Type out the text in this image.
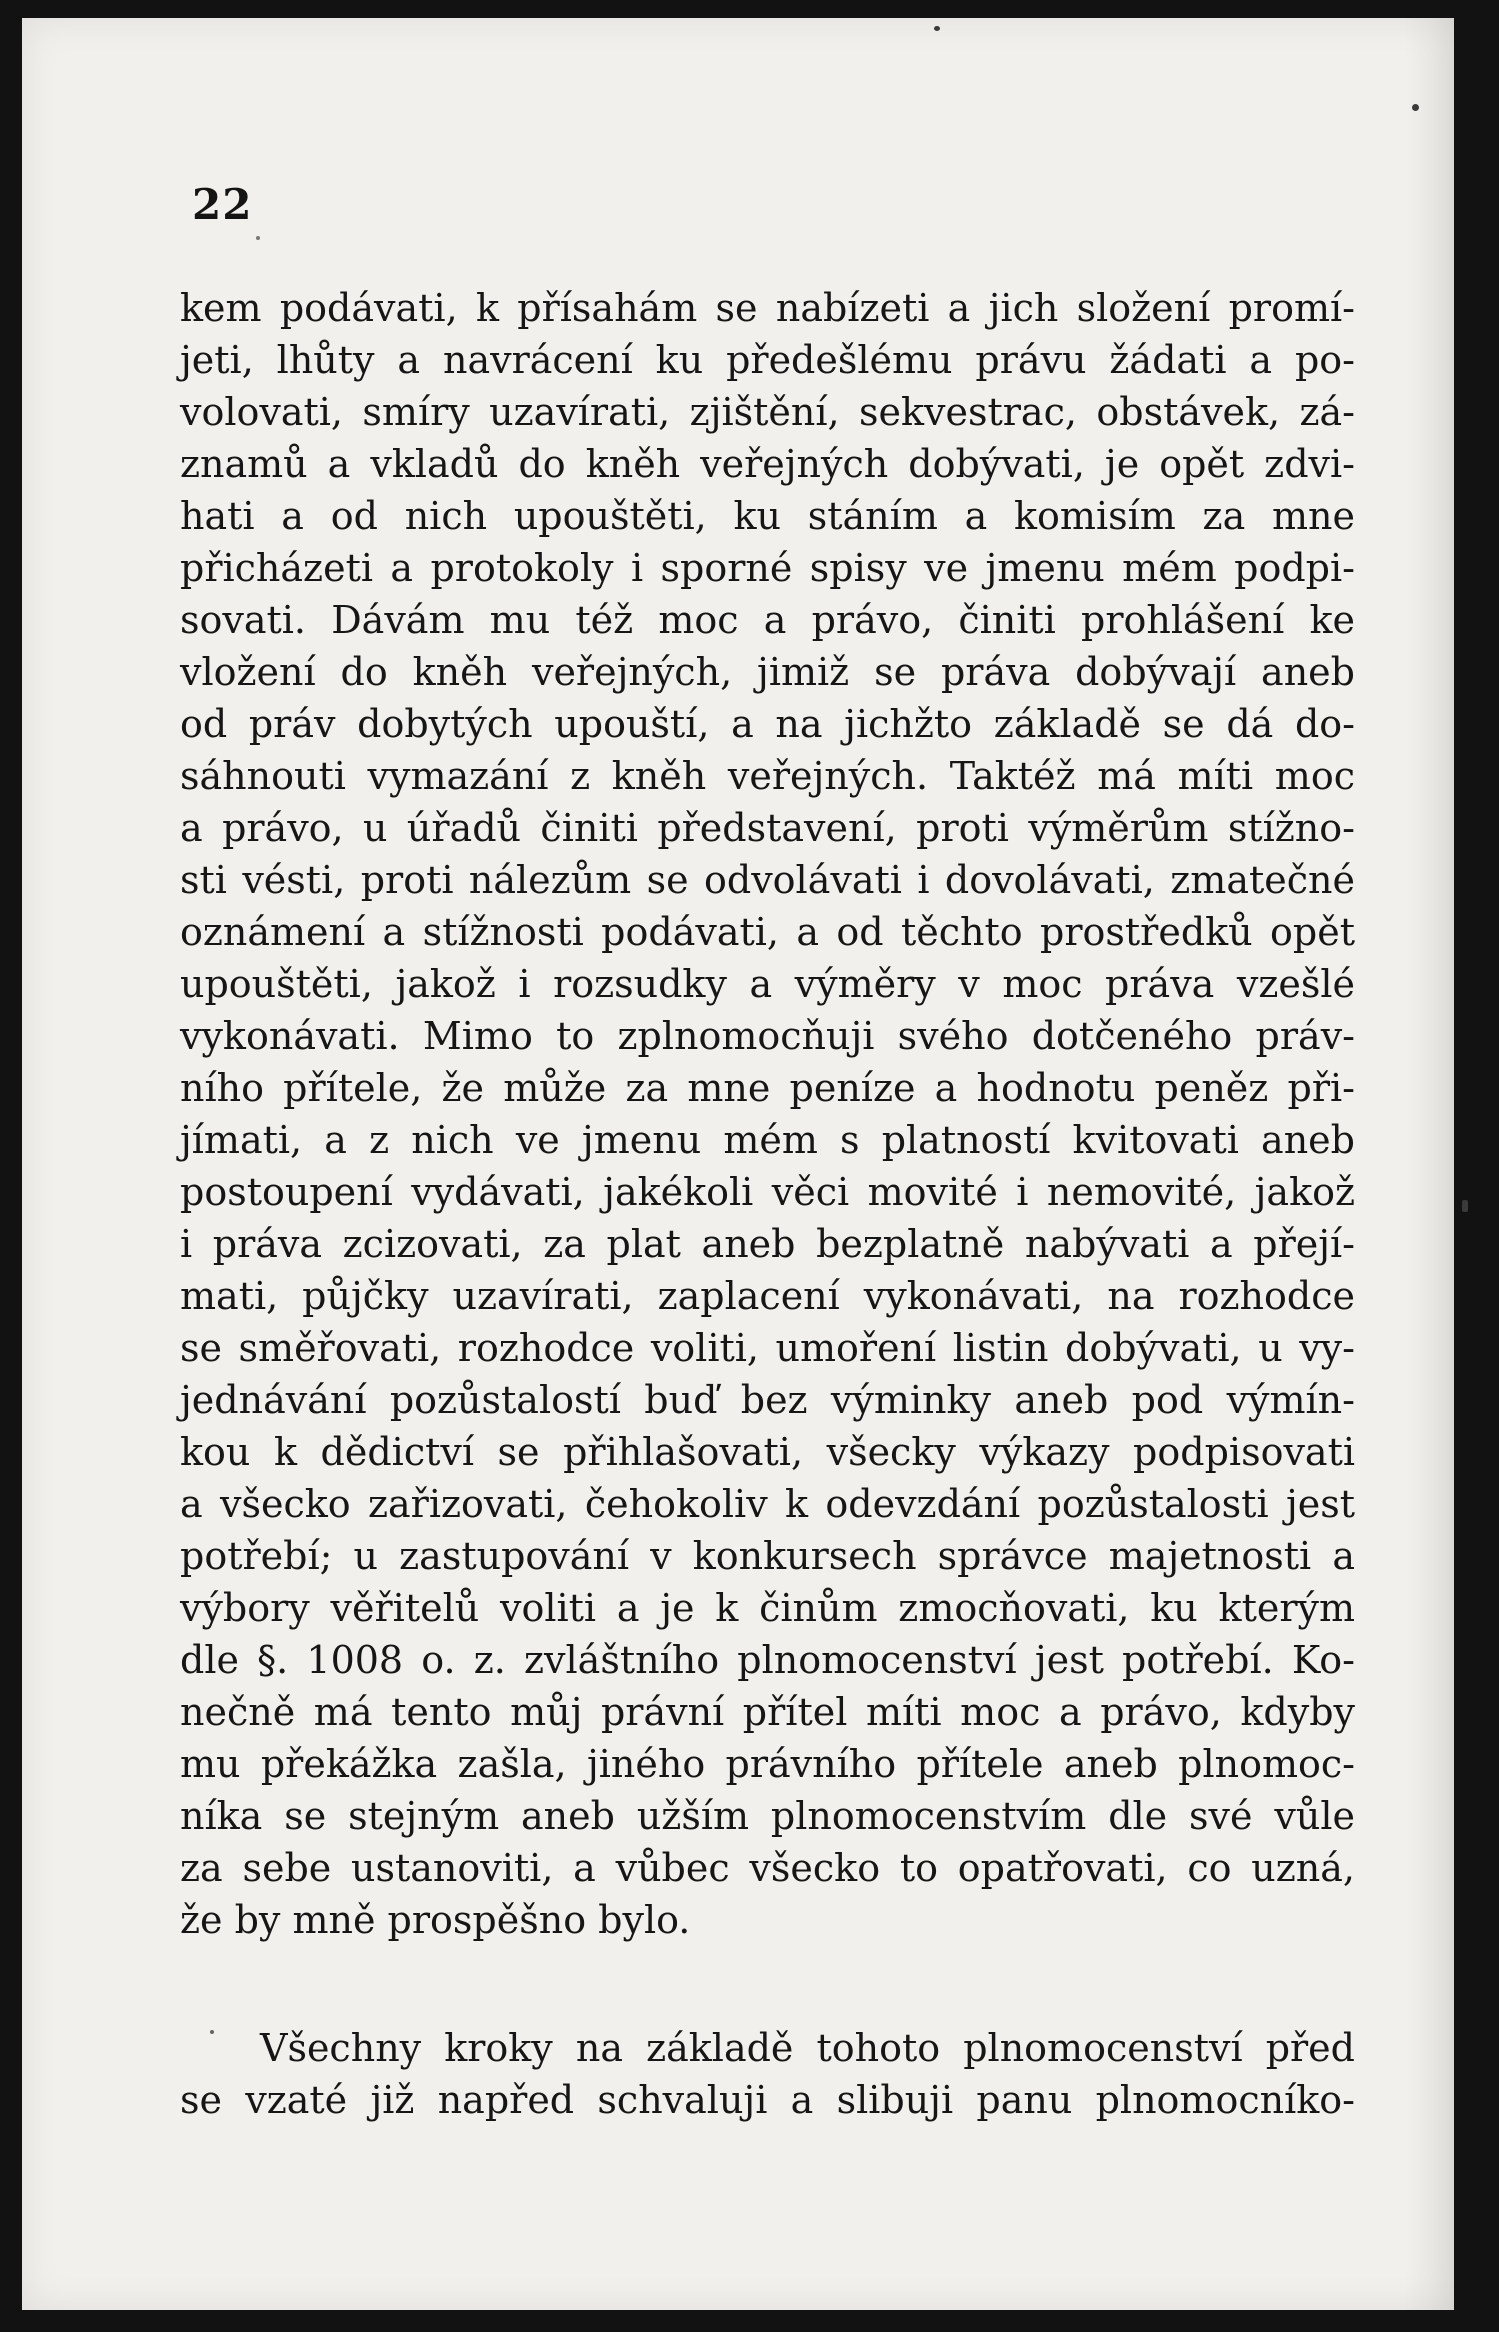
22
kem podávati, k přísahám se nabízeti a jich složení promí-
jeti, lhůty a navrácení ku předešlému právu žádati a po-
volovati, smíry uzavírati, zjištění, sekvestrac, obstávek, zá-
znamů a vkladů do kněh veřejných dobývati, je opět zdvi-
hati a od nich upouštěti, ku stáním a komisím za mne
přicházeti a protokoly i sporné spisy ve jmenu mém podpi-
sovati. Dávám mu též moc a právo, činiti prohlášení ke
vložení do kněh veřejných, jimiž se práva dobývají aneb
od práv dobytých upouští, a na jichžto základě se dá do-
sáhnouti vymazání z kněh veřejných. Taktéž má míti moc
a právo, u úřadů činiti představení, proti výměrům stížno-
sti vésti, proti nálezům se odvolávati i dovolávati, zmatečné
oznámení a stížnosti podávati, a od těchto prostředků opět
upouštěti, jakož i rozsudky a výměry v moc práva vzešlé
vykonávati. Mimo to zplnomocňuji svého dotčeného práv-
ního přítele, že může za mne peníze a hodnotu peněz při-
jímati, a z nich ve jmenu mém s platností kvitovati aneb
postoupení vydávati, jakékoli věci movité i nemovité, jakož
i práva zcizovati, za plat aneb bezplatně nabývati a přejí-
mati, půjčky uzavírati, zaplacení vykonávati, na rozhodce
se směřovati, rozhodce voliti, umoření listin dobývati, u vy-
jednávání pozůstalostí buď bez výminky aneb pod výmín-
kou k dědictví se přihlašovati, všecky výkazy podpisovati
a všecko zařizovati, čehokoliv k odevzdání pozůstalosti jest
potřebí; u zastupování v konkursech správce majetnosti a
výbory věřitelů voliti a je k činům zmocňovati, ku kterým
dle §. 1008 o. z. zvláštního plnomocenství jest potřebí. Ko-
nečně má tento můj právní přítel míti moc a právo, kdyby
mu překážka zašla, jiného právního přítele aneb plnomoc-
níka se stejným aneb užším plnomocenstvím dle své vůle
za sebe ustanoviti, a vůbec všecko to opatřovati, co uzná,
že by mně prospěšno bylo.
Všechny kroky na základě tohoto plnomocenství před
se vzaté již napřed schvaluji a slibuji panu plnomocníko-
